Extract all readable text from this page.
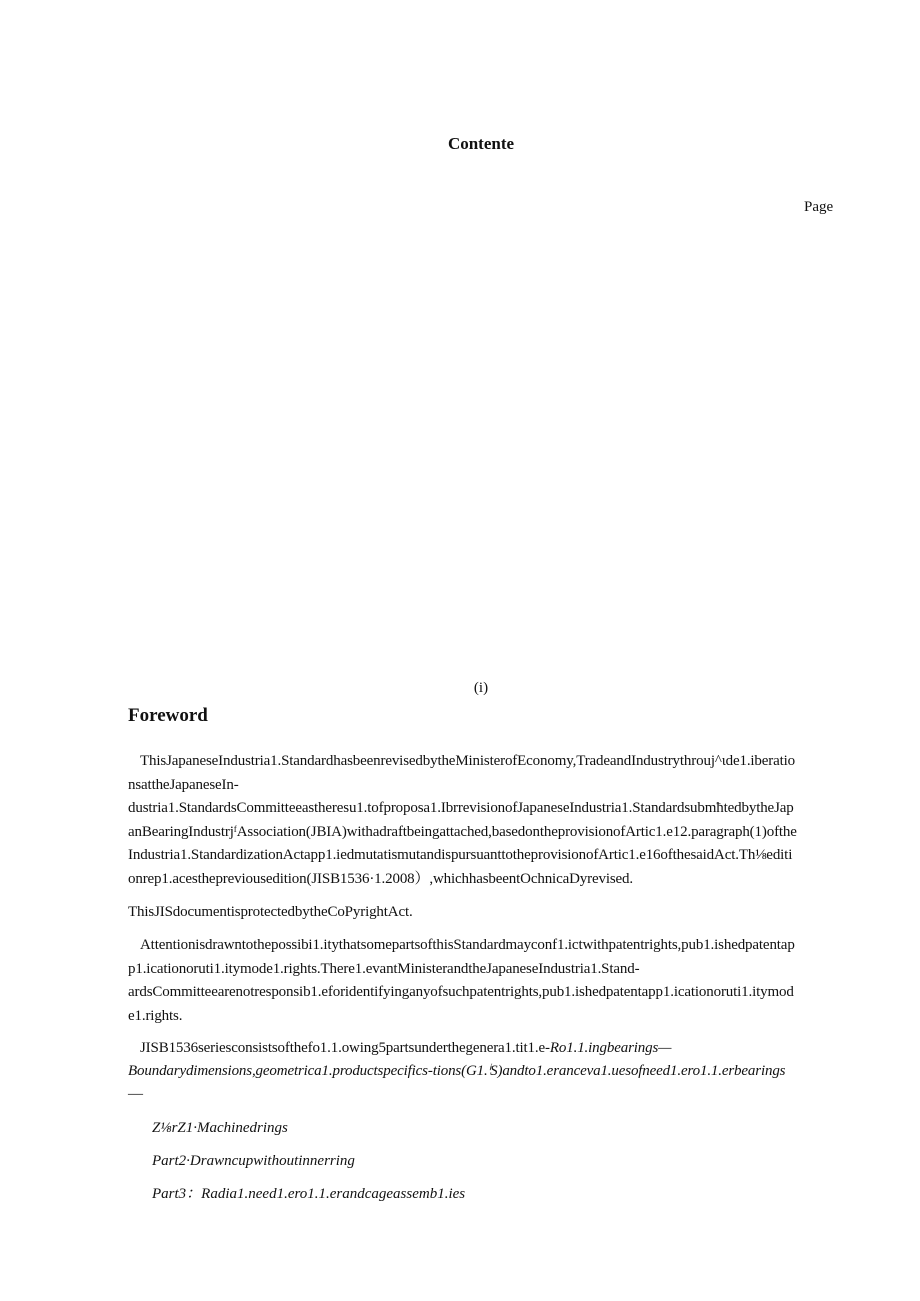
Contente
Page
(i)
Foreword
ThisJapaneseIndustria1.StandardhasbeenrevisedbytheMinisterofEconomy,TradeandIndustrythrouj^ιde1.iberatio
nsattheJapaneseIn-
dustria1.StandardsCommitteeastheresu1.tofproposa1.IbrrevisionofJapaneseIndustria1.StandardsubmħtedbytheJap
anBearingIndustrjᶠAssociation(JBIA)withadraftbeingattached,basedontheprovisionofArtic1.e12.paragraph(1)ofthe
Industria1.StandardizationActapp1.iedmutatismutandispursuanttotheprovisionofArtic1.e16ofthesaidAct.Th⅛editi
onrep1.acesthepreviousedition(JISB1536·1.2008）,whichhasbeentOchnicaDyrevised.
ThisJISdocumentisprotectedbytheCoPyrightAct.
Attentionisdrawntothepossibi1.itythatsomepartsofthisStandardmayconf1.ictwithpatentrights,pub1.ishedpatentap
p1.icationoruti1.itymode1.rights.There1.evantMinisterandtheJapaneseIndustria1.Stand-
ardsCommitteearenotresponsib1.eforidentifyinganyofsuchpatentrights,pub1.ishedpatentapp1.icationoruti1.itymod
e1.rights.
JISB1536seriesconsistsofthefo1.1.owing5partsunderthegenera1.tit1.e-Ro1.1.ingbearings—
Boundarydimensions,geometrica1.productspecifics-tions(G1.ⁱS)andto1.eranceva1.uesofneed1.ero1.1.erbearings
—
Z⅛rZ1·Machinedrings
Part2·Drawncupwithoutinnerring
Part3：Radia1.need1.ero1.1.erandcageassemb1.ies
